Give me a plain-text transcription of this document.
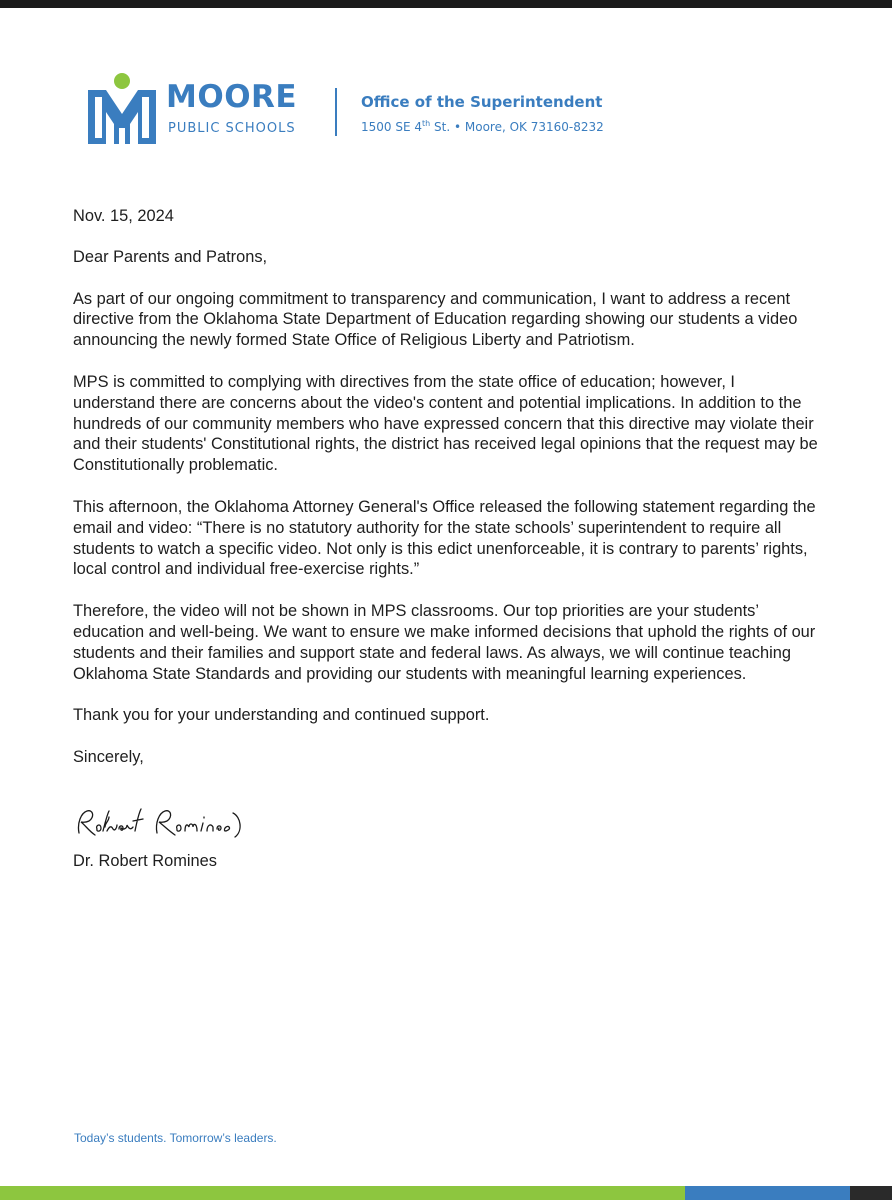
MOORE
PUBLIC SCHOOLS
Office of the Superintendent
1500 SE 4th St. • Moore, OK 73160-8232

Nov. 15, 2024

Dear Parents and Patrons,

As part of our ongoing commitment to transparency and communication, I want to address a recent directive from the Oklahoma State Department of Education regarding showing our students a video announcing the newly formed State Office of Religious Liberty and Patriotism.

MPS is committed to complying with directives from the state office of education; however, I understand there are concerns about the video's content and potential implications. In addition to the hundreds of our community members who have expressed concern that this directive may violate their and their students' Constitutional rights, the district has received legal opinions that the request may be Constitutionally problematic.

This afternoon, the Oklahoma Attorney General's Office released the following statement regarding the email and video: “There is no statutory authority for the state schools’ superintendent to require all students to watch a specific video. Not only is this edict unenforceable, it is contrary to parents’ rights, local control and individual free-exercise rights.”

Therefore, the video will not be shown in MPS classrooms. Our top priorities are your students’ education and well-being. We want to ensure we make informed decisions that uphold the rights of our students and their families and support state and federal laws. As always, we will continue teaching Oklahoma State Standards and providing our students with meaningful learning experiences.

Thank you for your understanding and continued support.

Sincerely,

Dr. Robert Romines
Today’s students. Tomorrow’s leaders.
